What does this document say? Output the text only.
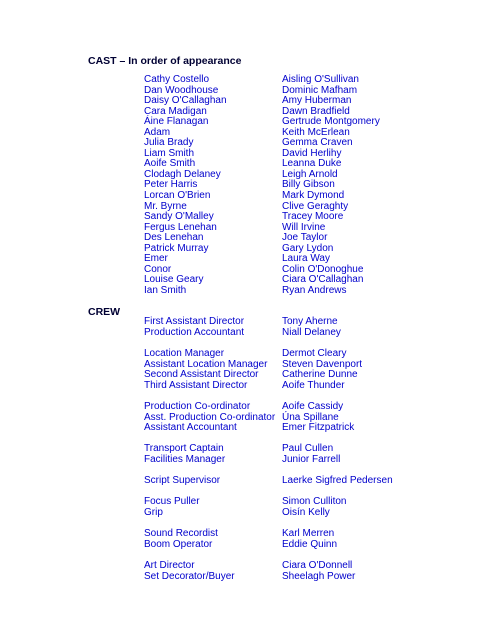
CAST – In order of appearance
Cathy Costello
Dan Woodhouse
Daisy O'Callaghan
Cara Madigan
Áine Flanagan
Adam
Julia Brady
Liam Smith
Aoife Smith
Clodagh Delaney
Peter Harris
Lorcan O'Brien
Mr. Byrne
Sandy O'Malley
Fergus Lenehan
Des Lenehan
Patrick Murray
Emer
Conor
Louise Geary
Ian Smith
Aisling O'Sullivan
Dominic Mafham
Amy Huberman
Dawn Bradfield
Gertrude Montgomery
Keith McErlean
Gemma Craven
David Herlihy
Leanna Duke
Leigh Arnold
Billy Gibson
Mark Dymond
Clive Geraghty
Tracey Moore
Will Irvine
Joe Taylor
Gary Lydon
Laura Way
Colin O'Donoghue
Ciara O'Callaghan
Ryan Andrews
CREW
First Assistant Director
Production Accountant
Tony Aherne
Niall Delaney
Location Manager
Assistant Location Manager
Second Assistant Director
Third Assistant Director
Dermot Cleary
Steven Davenport
Catherine Dunne
Aoife Thunder
Production Co-ordinator
Asst. Production Co-ordinator
Assistant Accountant
Aoife Cassidy
Úna Spillane
Emer Fitzpatrick
Transport Captain
Facilities Manager
Paul Cullen
Junior Farrell
Script Supervisor	Laerke Sigfred Pedersen
Focus Puller
Grip
Simon Culliton
Oisín Kelly
Sound Recordist
Boom Operator
Karl Merren
Eddie Quinn
Art Director
Set Decorator/Buyer
Ciara O'Donnell
Sheelagh Power
